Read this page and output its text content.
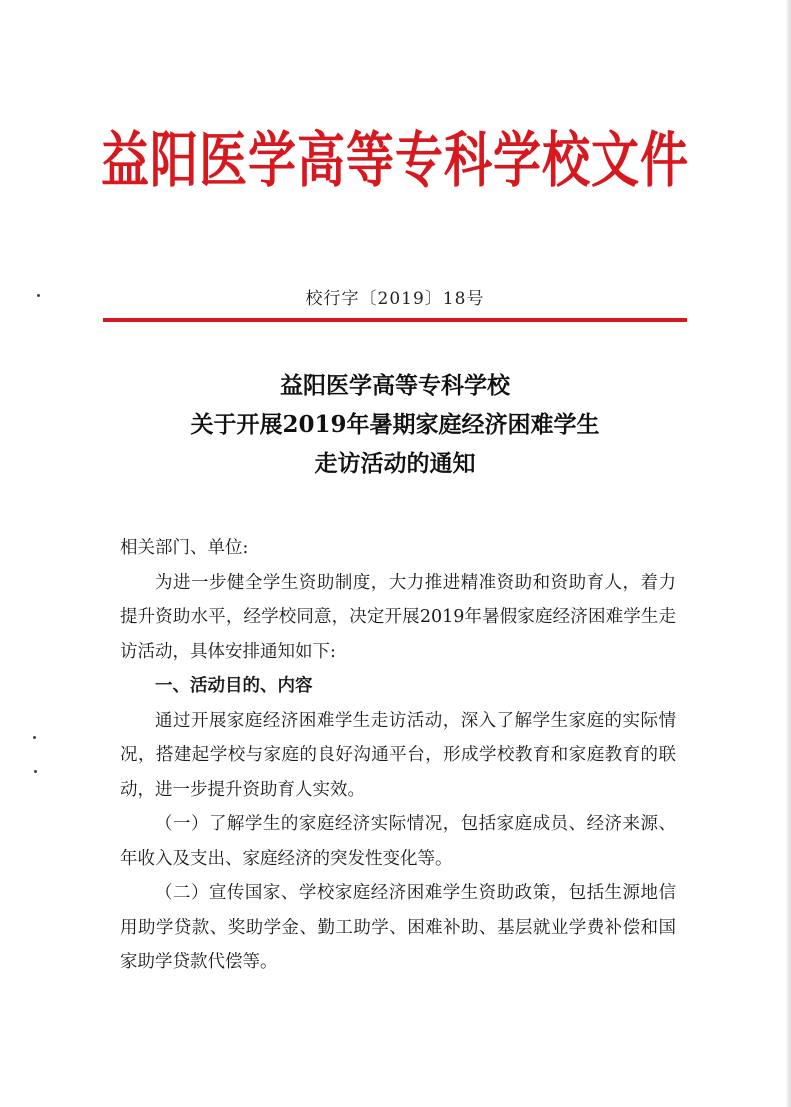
益阳医学高等专科学校文件
校行字〔2019〕18号
益阳医学高等专科学校
关于开展2019年暑期家庭经济困难学生
走访活动的通知

相关部门、单位:

为进一步健全学生资助制度，大力推进精准资助和资助育人，着力提升资助水平，经学校同意，决定开展2019年暑假家庭经济困难学生走访活动，具体安排通知如下:

一、活动目的、内容

通过开展家庭经济困难学生走访活动，深入了解学生家庭的实际情况，搭建起学校与家庭的良好沟通平台，形成学校教育和家庭教育的联动，进一步提升资助育人实效。

（一）了解学生的家庭经济实际情况，包括家庭成员、经济来源、年收入及支出、家庭经济的突发性变化等。

（二）宣传国家、学校家庭经济困难学生资助政策，包括生源地信用助学贷款、奖助学金、勤工助学、困难补助、基层就业学费补偿和国家助学贷款代偿等。
